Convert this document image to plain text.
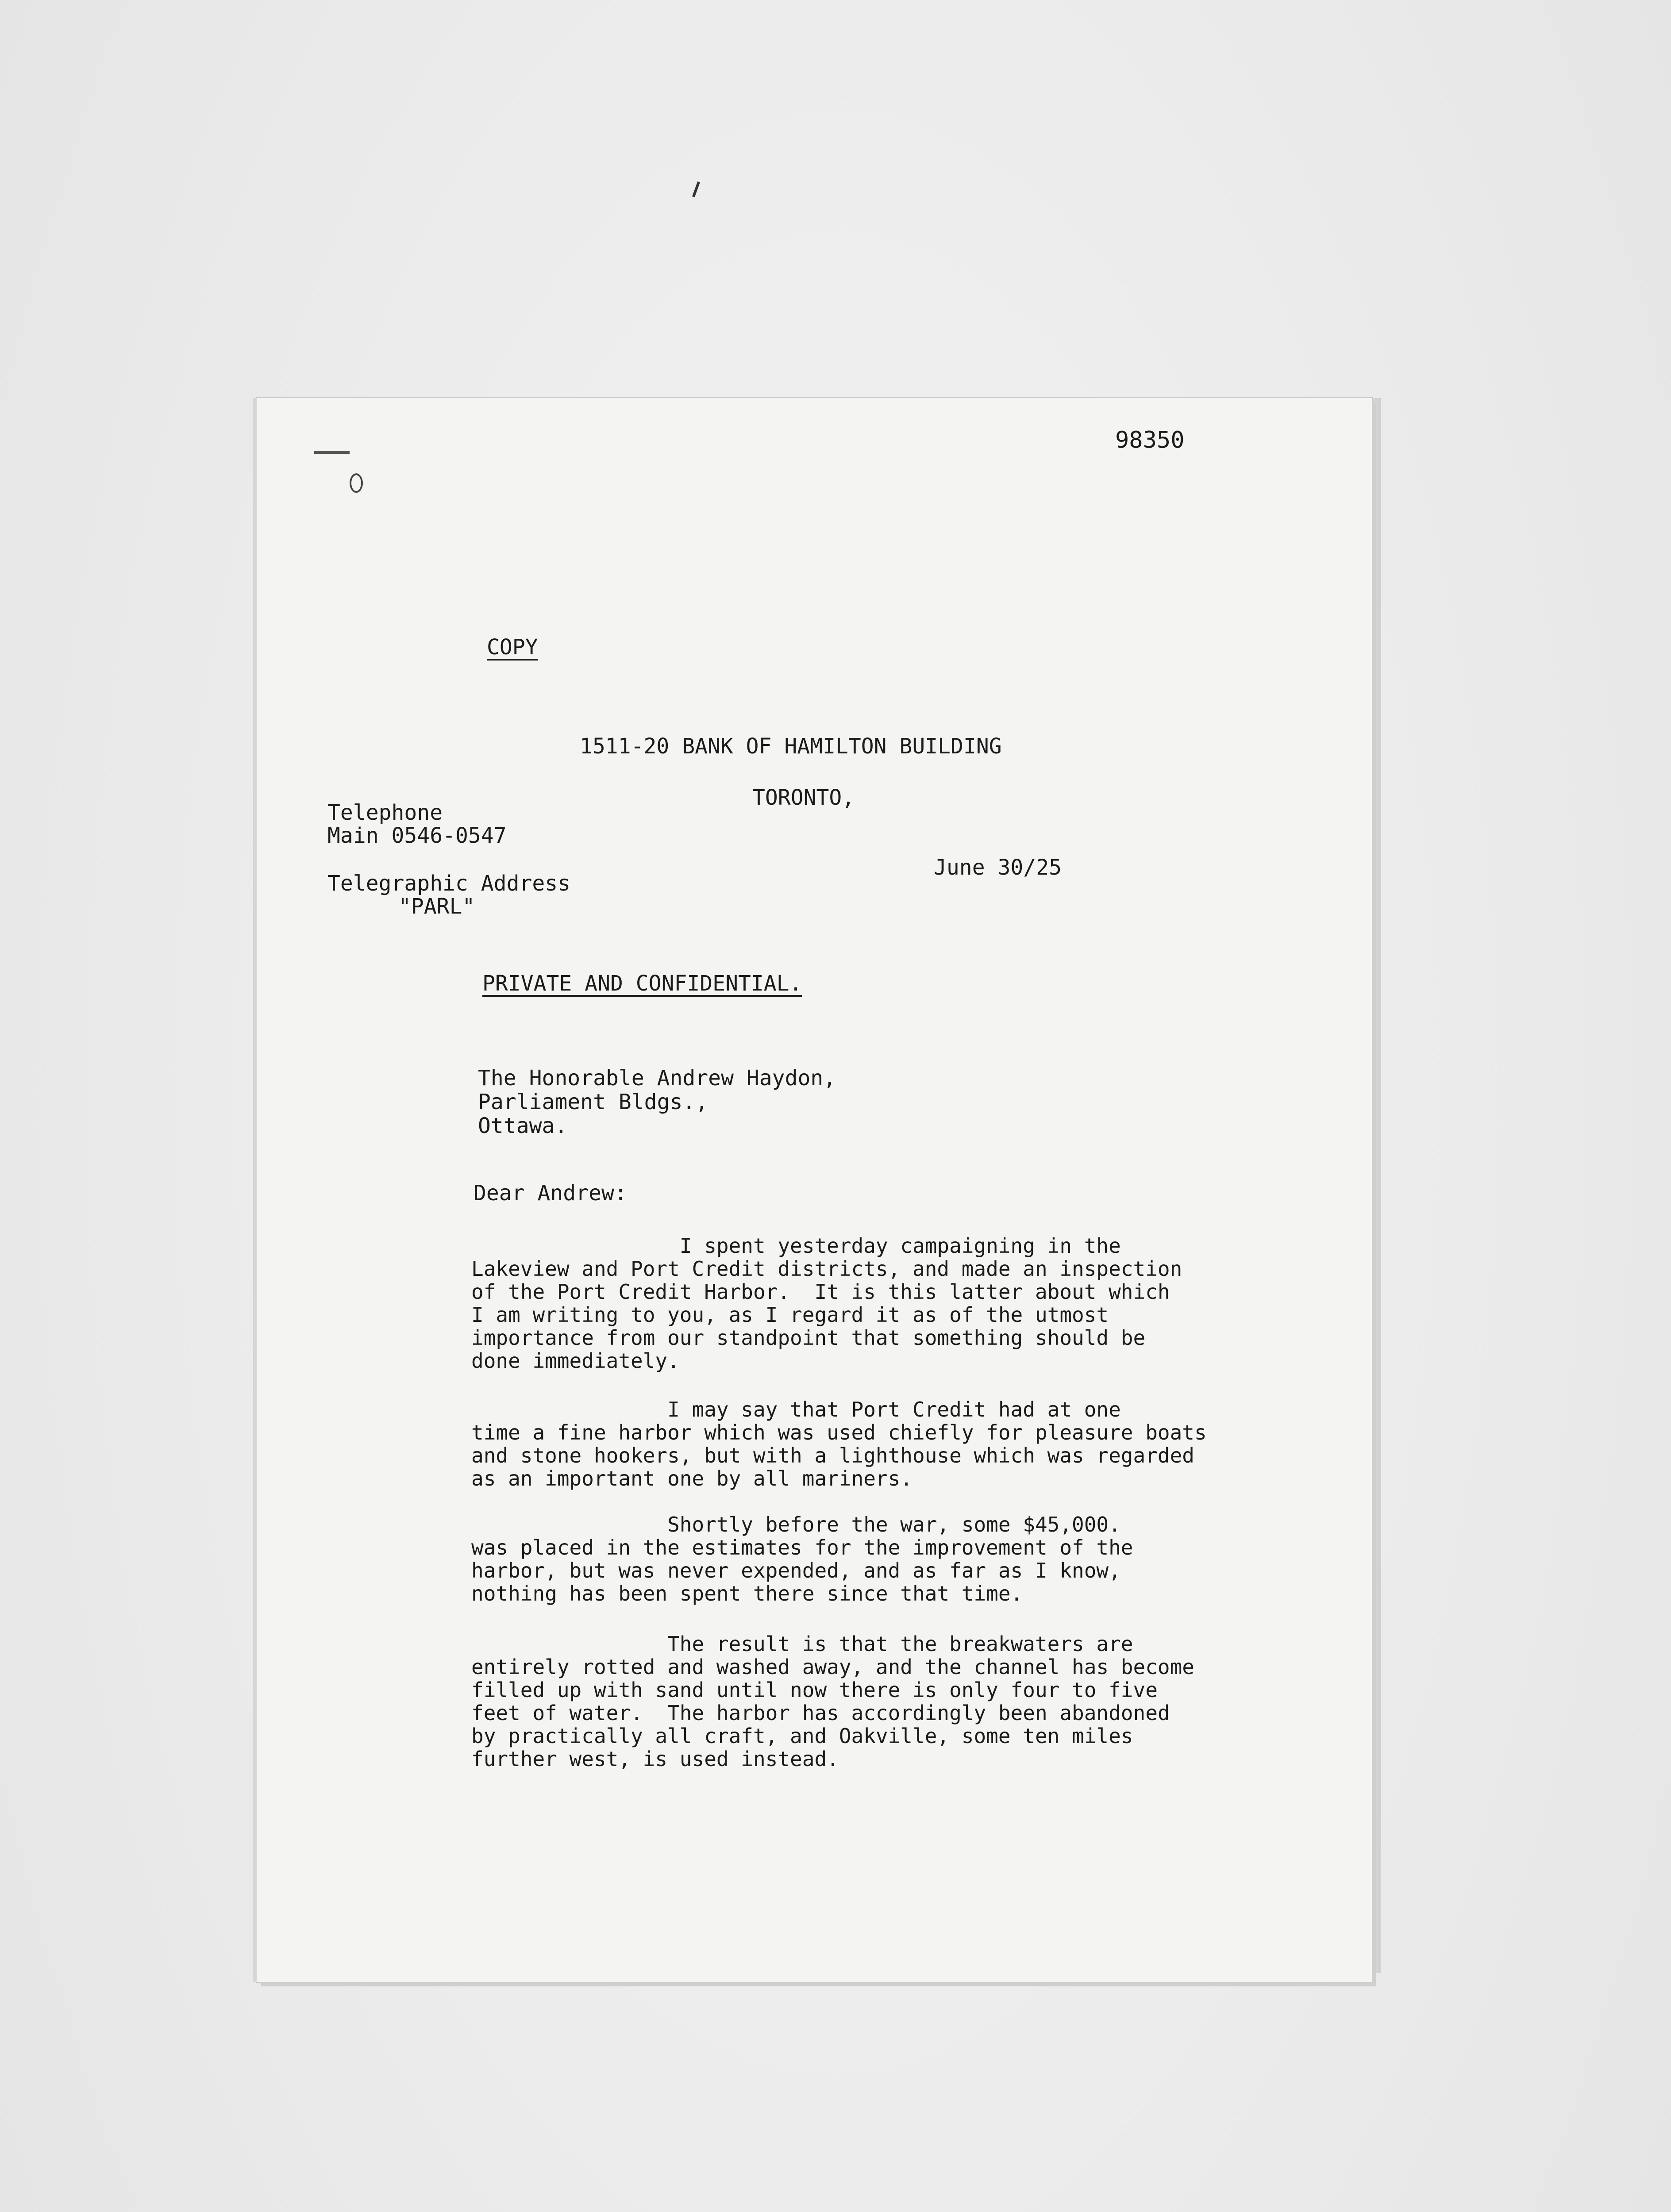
98350
COPY
1511-20 BANK OF HAMILTON BUILDING
TORONTO,
Telephone
Main 0546-0547
June 30/25
Telegraphic Address
"PARL"
PRIVATE AND CONFIDENTIAL.
The Honorable Andrew Haydon,
Parliament Bldgs.,
Ottawa.
Dear Andrew:
I spent yesterday campaigning in the
Lakeview and Port Credit districts, and made an inspection
of the Port Credit Harbor.  It is this latter about which
I am writing to you, as I regard it as of the utmost
importance from our standpoint that something should be
done immediately.
I may say that Port Credit had at one
time a fine harbor which was used chiefly for pleasure boats
and stone hookers, but with a lighthouse which was regarded
as an important one by all mariners.
Shortly before the war, some $45,000.
was placed in the estimates for the improvement of the
harbor, but was never expended, and as far as I know,
nothing has been spent there since that time.
The result is that the breakwaters are
entirely rotted and washed away, and the channel has become
filled up with sand until now there is only four to five
feet of water.  The harbor has accordingly been abandoned
by practically all craft, and Oakville, some ten miles
further west, is used instead.
